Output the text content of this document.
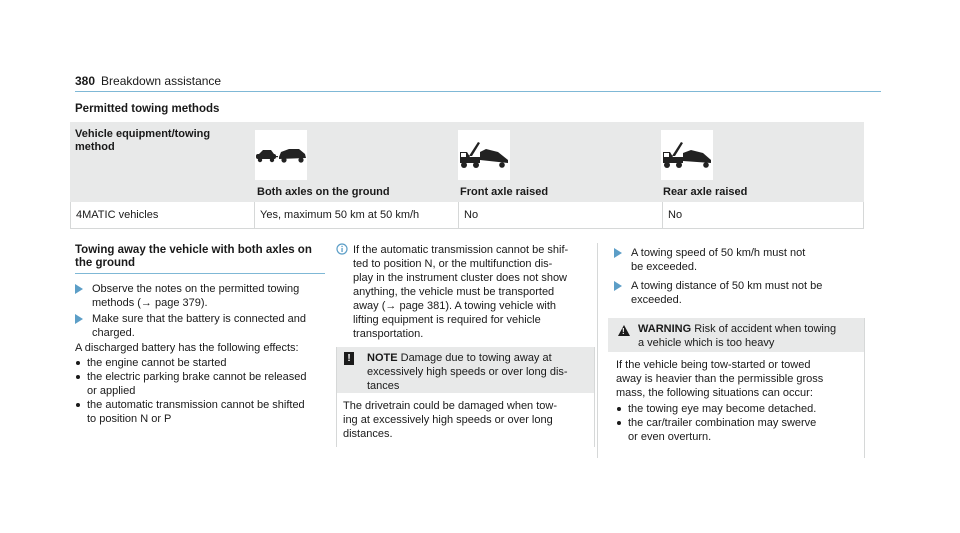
380 Breakdown assistance
Permitted towing methods
Vehicle equipment/towing method
Both axles on the ground	Front axle raised	Rear axle raised
4MATIC vehicles	Yes, maximum 50 km at 50 km/h	No	No
Towing away the vehicle with both axles on
the ground
Observe the notes on the permitted towing
methods (→ page 379).
Make sure that the battery is connected and
charged.
A discharged battery has the following effects:
the engine cannot be started
the electric parking brake cannot be released
or applied
the automatic transmission cannot be shifted
to position N or P
If the automatic transmission cannot be shif-
ted to position N, or the multifunction dis-
play in the instrument cluster does not show
anything, the vehicle must be transported
away (→ page 381). A towing vehicle with
lifting equipment is required for vehicle
transportation.
!	NOTE Damage due to towing away at
excessively high speeds or over long dis-
tances
The drivetrain could be damaged when tow-
ing at excessively high speeds or over long
distances.
A towing speed of 50 km/h must not
be exceeded.
A towing distance of 50 km must not be
exceeded.
! WARNING Risk of accident when towing
a vehicle which is too heavy
If the vehicle being tow-started or towed
away is heavier than the permissible gross
mass, the following situations can occur:
the towing eye may become detached.
the car/trailer combination may swerve
or even overturn.
